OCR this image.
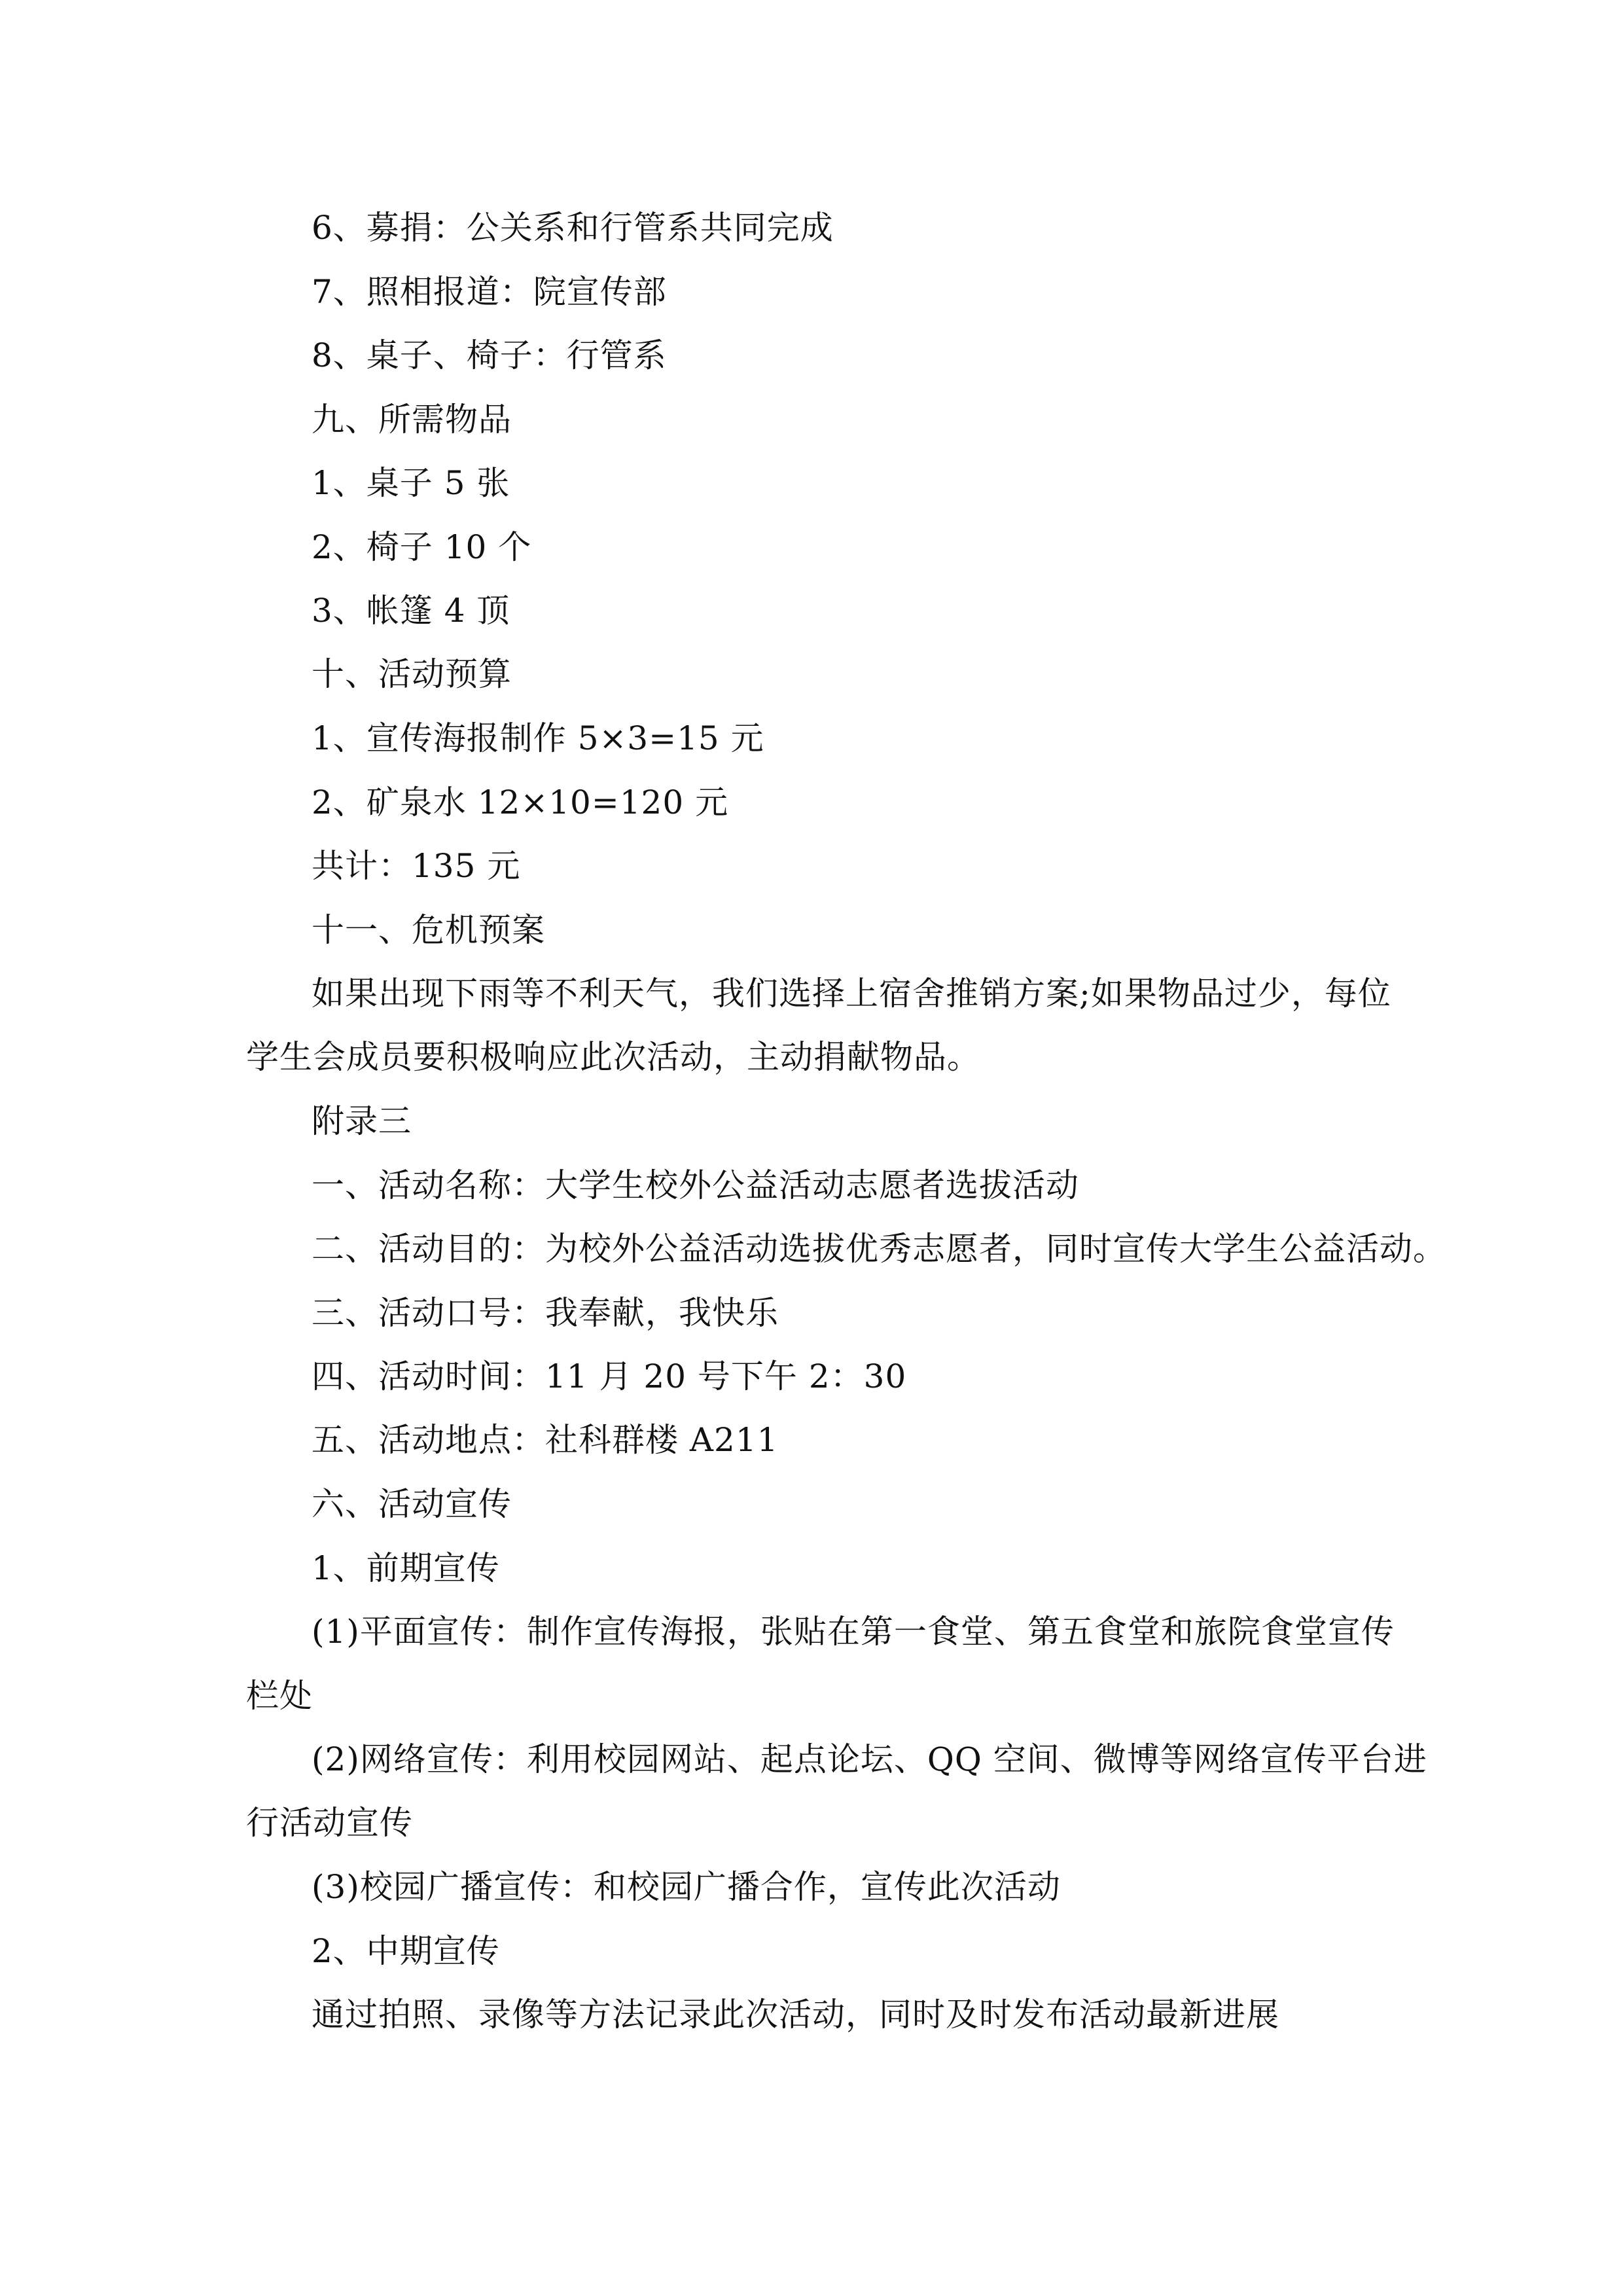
6、募捐：公关系和行管系共同完成
7、照相报道：院宣传部
8、桌子、椅子：行管系
九、所需物品
1、桌子 5 张
2、椅子 10 个
3、帐篷 4 顶
十、活动预算
1、宣传海报制作 5×3=15 元
2、矿泉水 12×10=120 元
共计：135 元
十一、危机预案
如果出现下雨等不利天气，我们选择上宿舍推销方案;如果物品过少，每位
学生会成员要积极响应此次活动，主动捐献物品。
附录三
一、活动名称：大学生校外公益活动志愿者选拔活动
二、活动目的：为校外公益活动选拔优秀志愿者，同时宣传大学生公益活动。
三、活动口号：我奉献，我快乐
四、活动时间：11 月 20 号下午 2：30
五、活动地点：社科群楼 A211
六、活动宣传
1、前期宣传
(1)平面宣传：制作宣传海报，张贴在第一食堂、第五食堂和旅院食堂宣传
栏处
(2)网络宣传：利用校园网站、起点论坛、QQ 空间、微博等网络宣传平台进
行活动宣传
(3)校园广播宣传：和校园广播合作，宣传此次活动
2、中期宣传
通过拍照、录像等方法记录此次活动，同时及时发布活动最新进展
